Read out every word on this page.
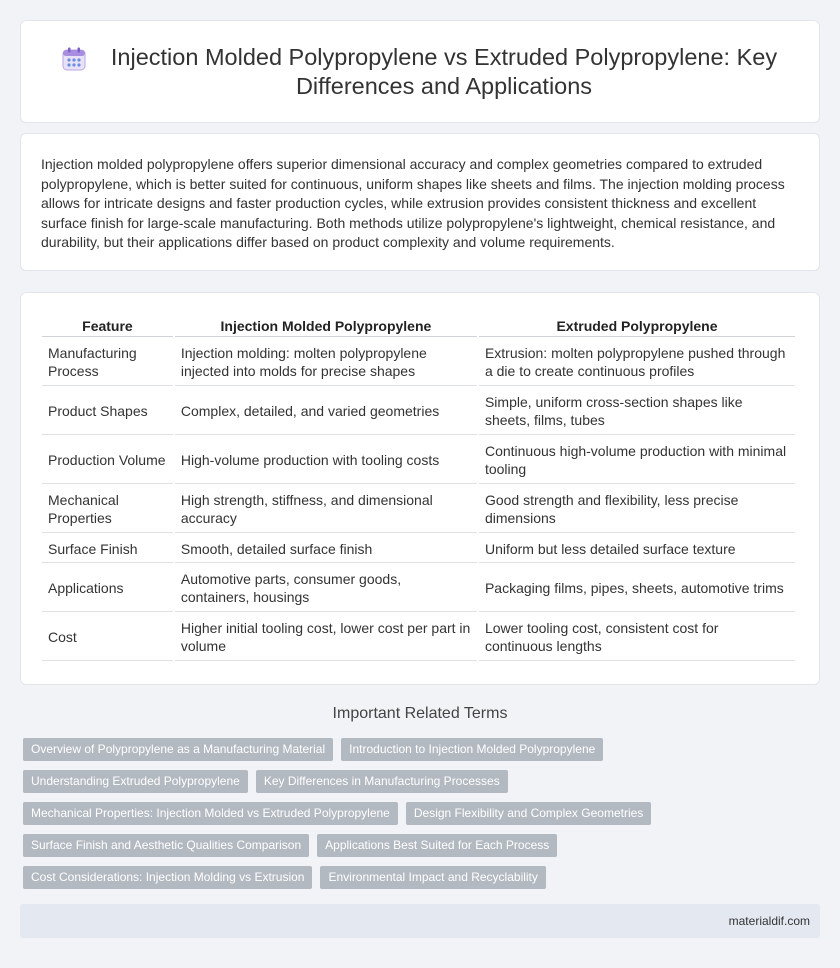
Injection Molded Polypropylene vs Extruded Polypropylene: Key Differences and Applications

Injection molded polypropylene offers superior dimensional accuracy and complex geometries compared to extruded polypropylene, which is better suited for continuous, uniform shapes like sheets and films. The injection molding process allows for intricate designs and faster production cycles, while extrusion provides consistent thickness and excellent surface finish for large-scale manufacturing. Both methods utilize polypropylene's lightweight, chemical resistance, and durability, but their applications differ based on product complexity and volume requirements.

Feature	Injection Molded Polypropylene	Extruded Polypropylene
Manufacturing Process	Injection molding: molten polypropylene injected into molds for precise shapes	Extrusion: molten polypropylene pushed through a die to create continuous profiles
Product Shapes	Complex, detailed, and varied geometries	Simple, uniform cross-section shapes like sheets, films, tubes
Production Volume	High-volume production with tooling costs	Continuous high-volume production with minimal tooling
Mechanical Properties	High strength, stiffness, and dimensional accuracy	Good strength and flexibility, less precise dimensions
Surface Finish	Smooth, detailed surface finish	Uniform but less detailed surface texture
Applications	Automotive parts, consumer goods, containers, housings	Packaging films, pipes, sheets, automotive trims
Cost	Higher initial tooling cost, lower cost per part in volume	Lower tooling cost, consistent cost for continuous lengths
Important Related Terms
Overview of Polypropylene as a Manufacturing Material	Introduction to Injection Molded Polypropylene
Understanding Extruded Polypropylene	Key Differences in Manufacturing Processes
Mechanical Properties: Injection Molded vs Extruded Polypropylene	Design Flexibility and Complex Geometries
Surface Finish and Aesthetic Qualities Comparison	Applications Best Suited for Each Process
Cost Considerations: Injection Molding vs Extrusion	Environmental Impact and Recyclability
materialdif.com
